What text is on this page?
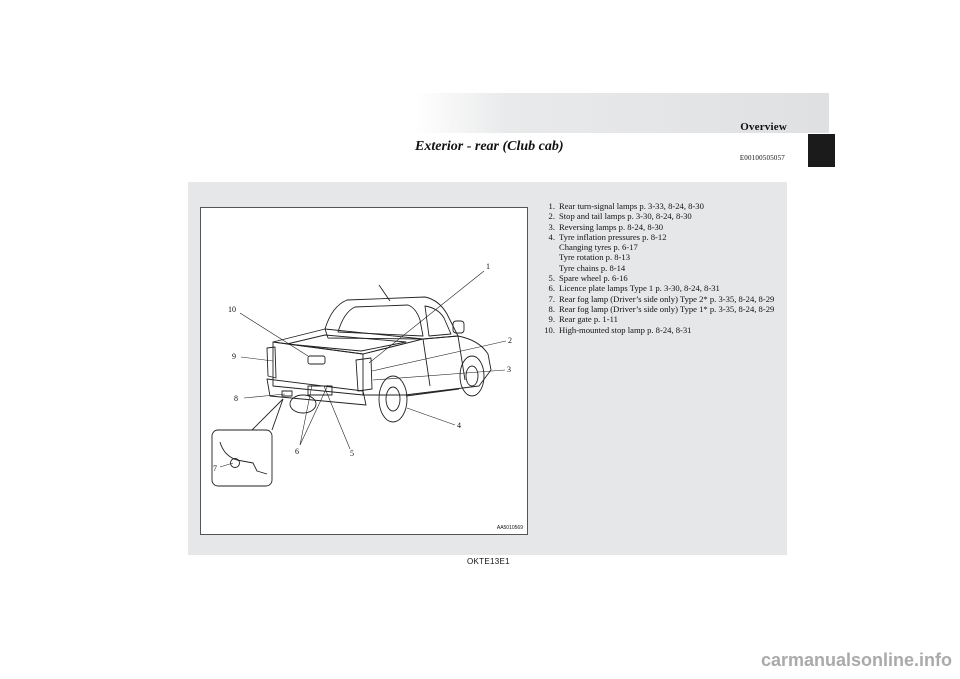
Overview
Exterior - rear (Club cab)
E00100505057
1
2
3
4
5
6
7
8
9
10
AA5010569
1. Rear turn-signal lamps p. 3-33, 8-24, 8-30
2. Stop and tail lamps p. 3-30, 8-24, 8-30
3. Reversing lamps p. 8-24, 8-30
4. Tyre inflation pressures p. 8-12
Changing tyres p. 6-17
Tyre rotation p. 8-13
Tyre chains p. 8-14
5. Spare wheel p. 6-16
6. Licence plate lamps Type 1 p. 3-30, 8-24, 8-31
7. Rear fog lamp (Driver’s side only) Type 2* p. 3-35, 8-24, 8-29
8. Rear fog lamp (Driver’s side only) Type 1* p. 3-35, 8-24, 8-29
9. Rear gate p. 1-11
10. High-mounted stop lamp p. 8-24, 8-31
OKTE13E1
carmanualsonline.info
